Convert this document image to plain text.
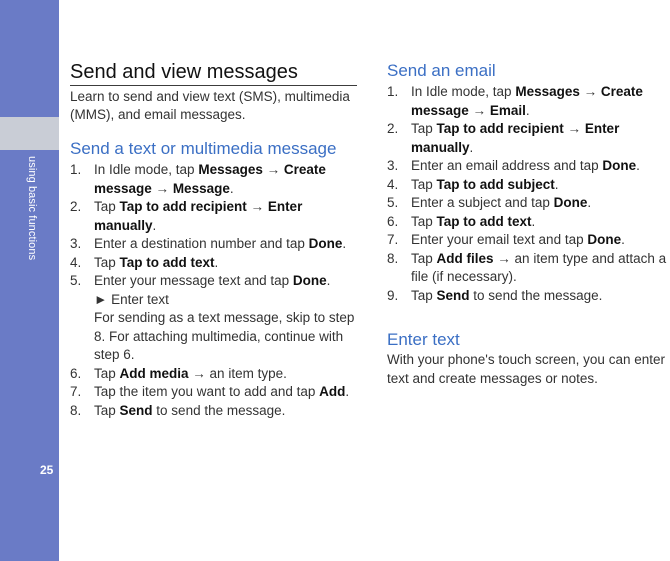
using basic functions
25
Send and view messages
Learn to send and view text (SMS), multimedia (MMS), and email messages.
Send a text or multimedia message
1. In Idle mode, tap Messages → Create message → Message.
2. Tap Tap to add recipient → Enter manually.
3. Enter a destination number and tap Done.
4. Tap Tap to add text.
5. Enter your message text and tap Done.
► Enter text
For sending as a text message, skip to step 8. For attaching multimedia, continue with step 6.
6. Tap Add media → an item type.
7. Tap the item you want to add and tap Add.
8. Tap Send to send the message.
Send an email
1. In Idle mode, tap Messages → Create message → Email.
2. Tap Tap to add recipient → Enter manually.
3. Enter an email address and tap Done.
4. Tap Tap to add subject.
5. Enter a subject and tap Done.
6. Tap Tap to add text.
7. Enter your email text and tap Done.
8. Tap Add files → an item type and attach a file (if necessary).
9. Tap Send to send the message.
Enter text
With your phone's touch screen, you can enter text and create messages or notes.
